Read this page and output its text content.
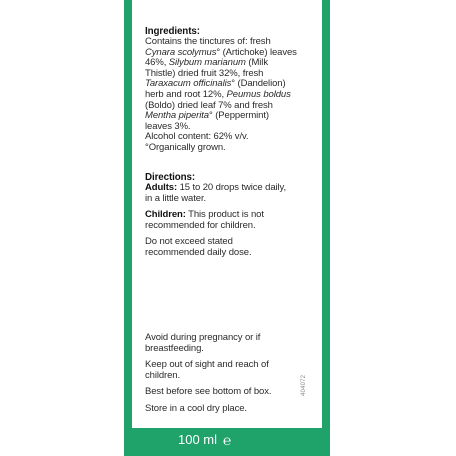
Ingredients:
Contains the tinctures of: fresh
Cynara scolymus° (Artichoke) leaves
46%, Silybum marianum (Milk
Thistle) dried fruit 32%, fresh
Taraxacum officinalis° (Dandelion)
herb and root 12%, Peumus boldus
(Boldo) dried leaf 7% and fresh
Mentha piperita° (Peppermint)
leaves 3%.
Alcohol content: 62% v/v.
°Organically grown.
Directions:
Adults: 15 to 20 drops twice daily,
in a little water.
Children: This product is not
recommended for children.
Do not exceed stated
recommended daily dose.
Avoid during pregnancy or if
breastfeeding.
Keep out of sight and reach of
children.
Best before see bottom of box.
Store in a cool dry place.
404072
100 ml ℮
